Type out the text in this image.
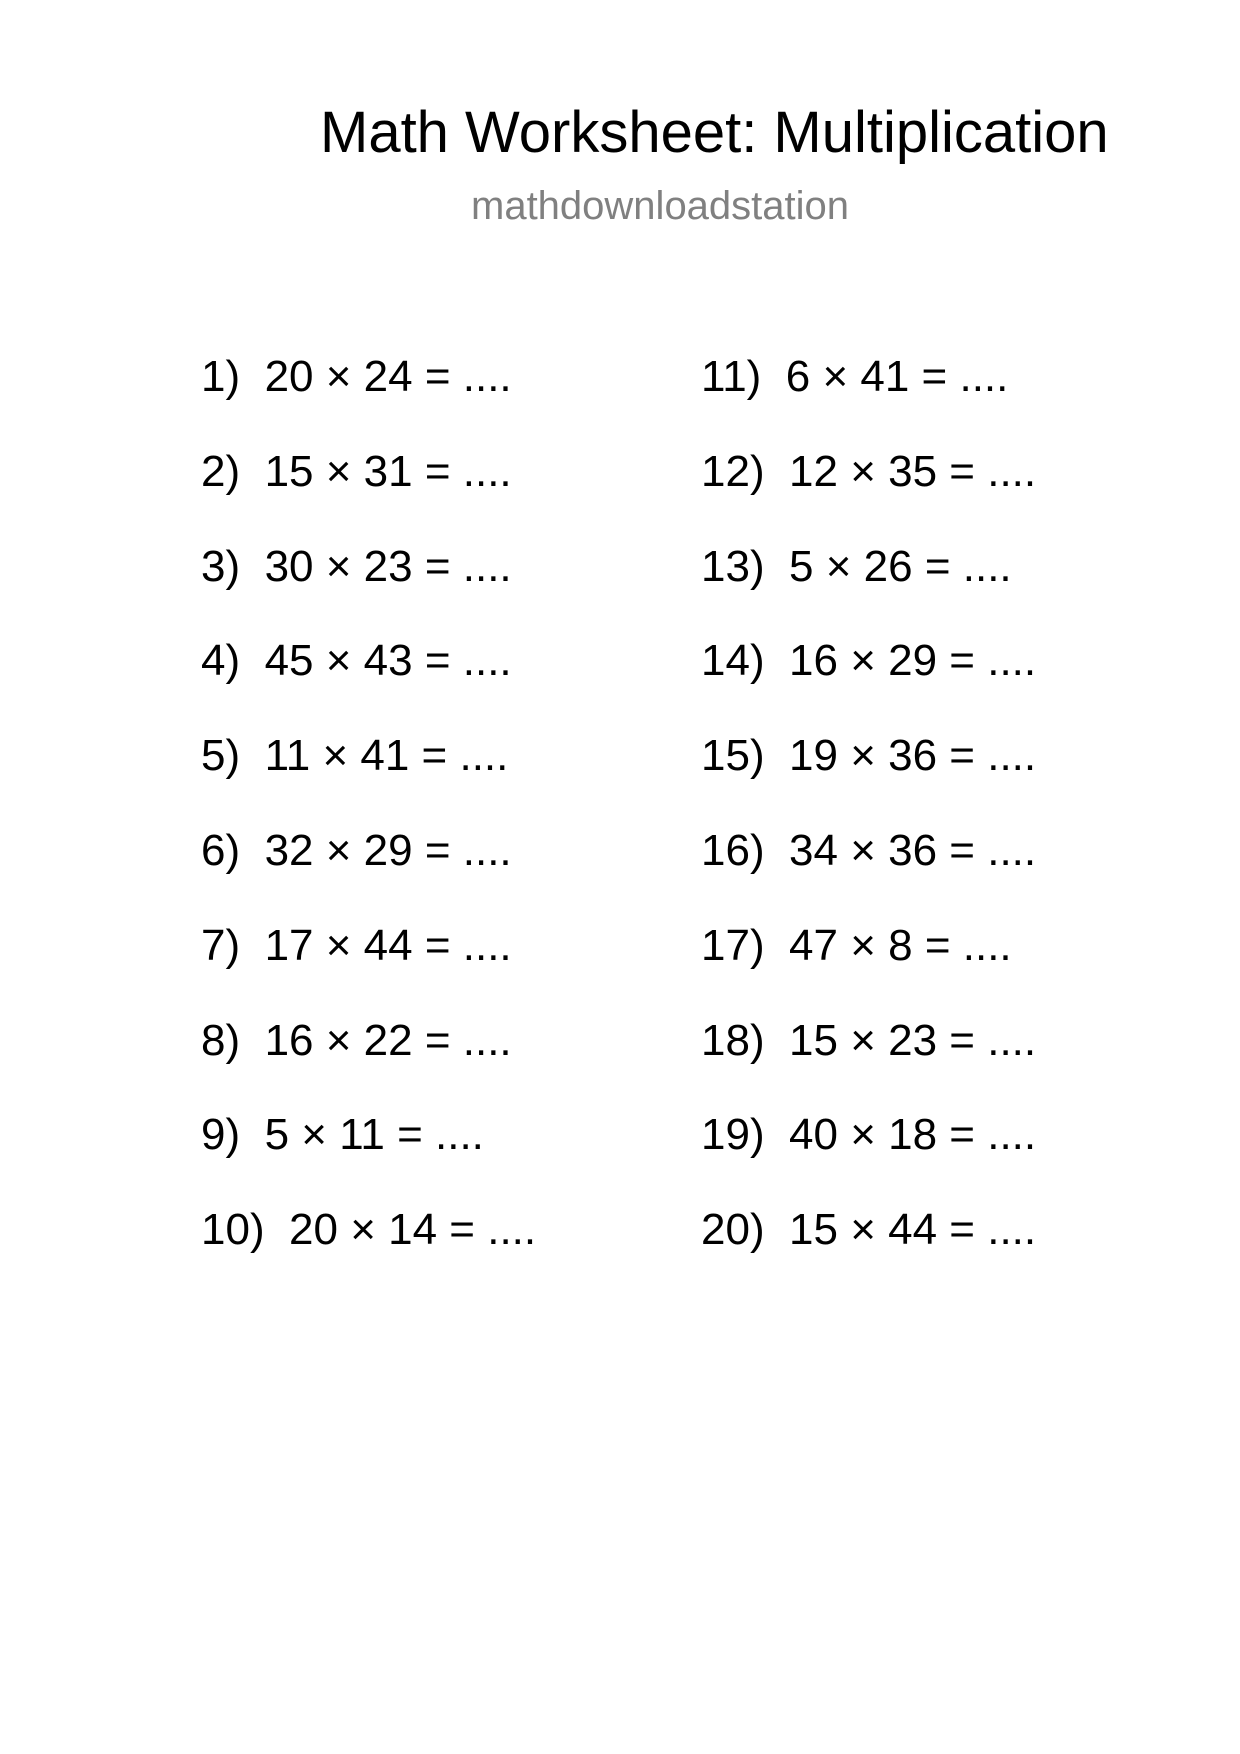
Math Worksheet: Multiplication
mathdownloadstation
1)  20 × 24 = ....
2)  15 × 31 = ....
3)  30 × 23 = ....
4)  45 × 43 = ....
5)  11 × 41 = ....
6)  32 × 29 = ....
7)  17 × 44 = ....
8)  16 × 22 = ....
9)  5 × 11 = ....
10)  20 × 14 = ....
11)  6 × 41 = ....
12)  12 × 35 = ....
13)  5 × 26 = ....
14)  16 × 29 = ....
15)  19 × 36 = ....
16)  34 × 36 = ....
17)  47 × 8 = ....
18)  15 × 23 = ....
19)  40 × 18 = ....
20)  15 × 44 = ....
